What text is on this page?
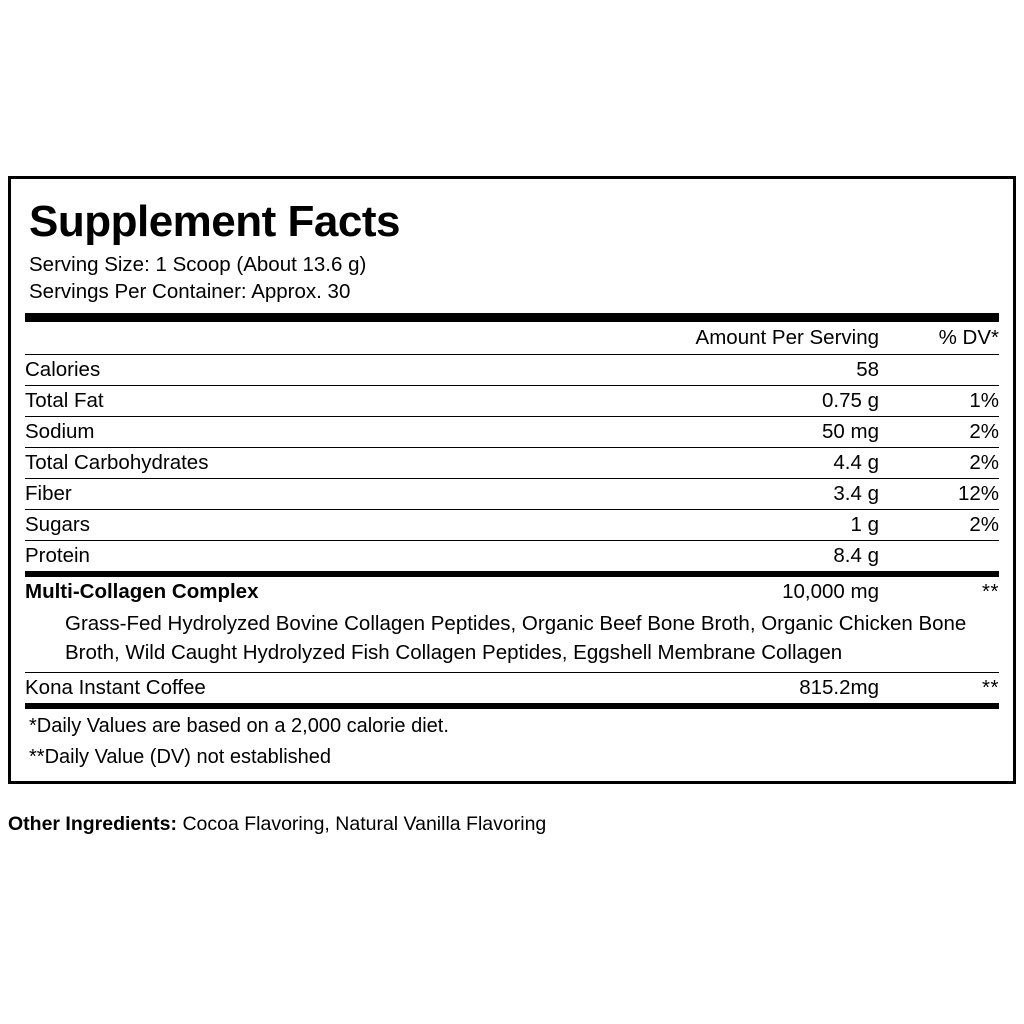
Supplement Facts
Serving Size: 1 Scoop (About 13.6 g)
Servings Per Container: Approx. 30
	Amount Per Serving	% DV*
Calories	58	
Total Fat	0.75 g	1%
Sodium	50 mg	2%
Total Carbohydrates	4.4 g	2%
Fiber	3.4 g	12%
Sugars	1 g	2%
Protein	8.4 g	
Multi-Collagen Complex	10,000 mg	**
Grass-Fed Hydrolyzed Bovine Collagen Peptides, Organic Beef Bone Broth, Organic Chicken Bone Broth, Wild Caught Hydrolyzed Fish Collagen Peptides, Eggshell Membrane Collagen
Kona Instant Coffee	815.2mg	**
*Daily Values are based on a 2,000 calorie diet.
**Daily Value (DV) not established
Other Ingredients: Cocoa Flavoring, Natural Vanilla Flavoring
